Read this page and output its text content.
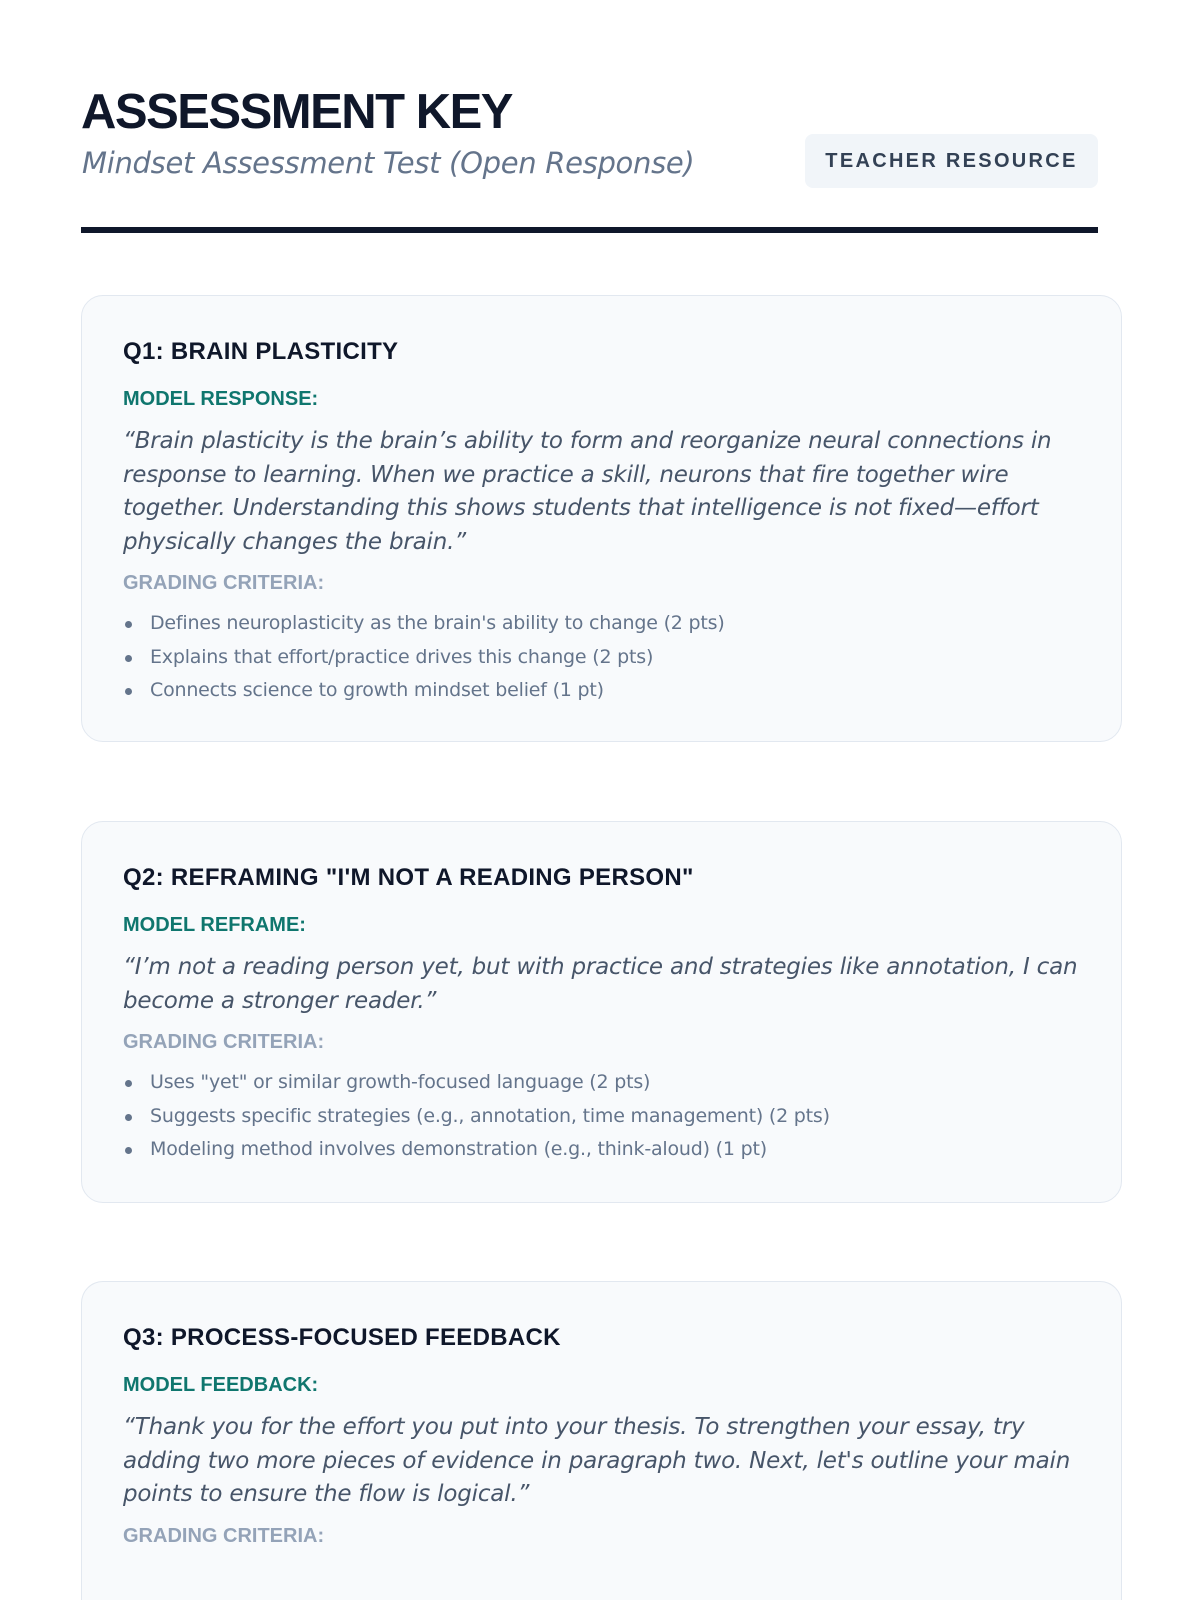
ASSESSMENT KEY
Mindset Assessment Test (Open Response)	TEACHER RESOURCE
Q1: BRAIN PLASTICITY
MODEL RESPONSE:
“Brain plasticity is the brain’s ability to form and reorganize neural connections in response to learning. When we practice a skill, neurons that fire together wire together. Understanding this shows students that intelligence is not fixed—effort physically changes the brain.”
GRADING CRITERIA:
Defines neuroplasticity as the brain's ability to change (2 pts)
Explains that effort/practice drives this change (2 pts)
Connects science to growth mindset belief (1 pt)
Q2: REFRAMING "I'M NOT A READING PERSON"
MODEL REFRAME:
“I’m not a reading person yet, but with practice and strategies like annotation, I can become a stronger reader.”
GRADING CRITERIA:
Uses "yet" or similar growth-focused language (2 pts)
Suggests specific strategies (e.g., annotation, time management) (2 pts)
Modeling method involves demonstration (e.g., think-aloud) (1 pt)
Q3: PROCESS-FOCUSED FEEDBACK
MODEL FEEDBACK:
“Thank you for the effort you put into your thesis. To strengthen your essay, try adding two more pieces of evidence in paragraph two. Next, let's outline your main points to ensure the flow is logical.”
GRADING CRITERIA:
